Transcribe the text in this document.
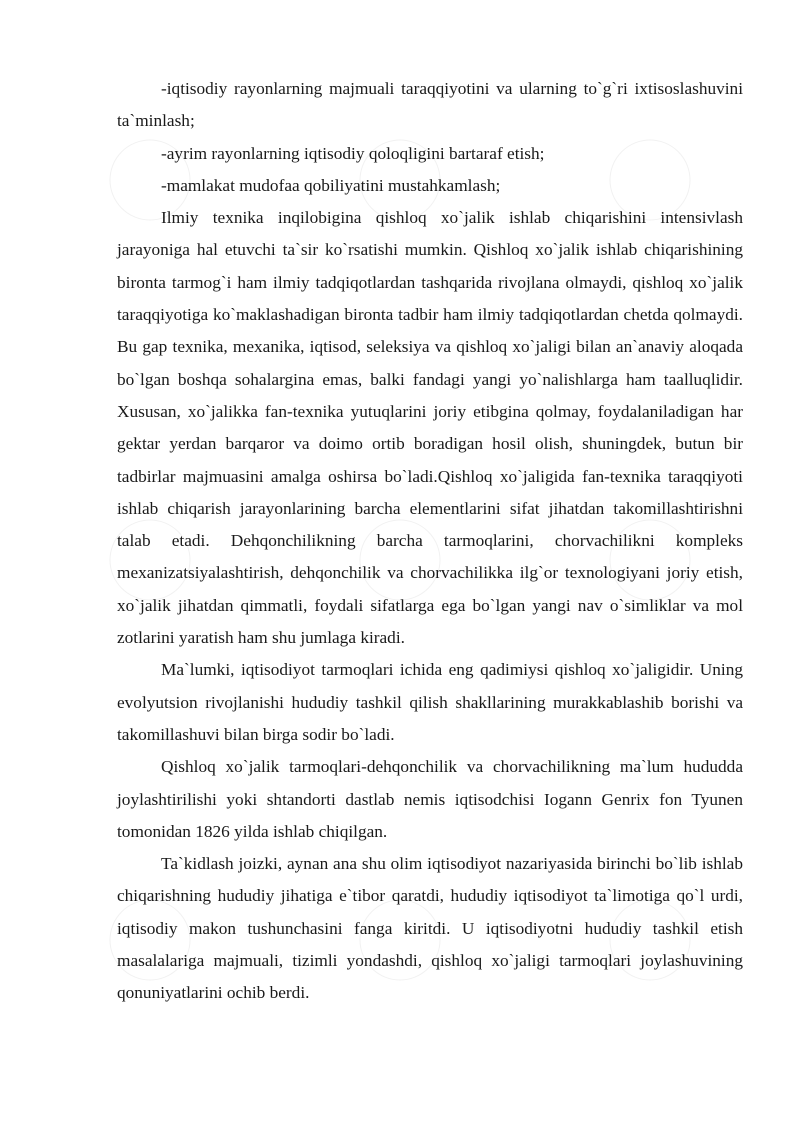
-iqtisodiy rayonlarning majmuali taraqqiyotini va ularning to`g`ri ixtisoslashuvini ta`minlash;

-ayrim rayonlarning iqtisodiy qoloqligini bartaraf etish;

-mamlakat mudofaa qobiliyatini mustahkamlash;

Ilmiy texnika inqilobigina qishloq xo`jalik ishlab chiqarishini intensivlash jarayoniga hal etuvchi ta`sir ko`rsatishi mumkin. Qishloq xo`jalik ishlab chiqarishining bironta tarmog`i ham ilmiy tadqiqotlardan tashqarida rivojlana olmaydi, qishloq xo`jalik taraqqiyotiga ko`maklashadigan bironta tadbir ham ilmiy tadqiqotlardan chetda qolmaydi. Bu gap texnika, mexanika, iqtisod, seleksiya va qishloq xo`jaligi bilan an`anaviy aloqada bo`lgan boshqa sohalargina emas, balki fandagi yangi yo`nalishlarga ham taalluqlidir. Xususan, xo`jalikka fan-texnika yutuqlarini joriy etibgina qolmay, foydalaniladigan har gektar yerdan barqaror va doimo ortib boradigan hosil olish, shuningdek, butun bir tadbirlar majmuasini amalga oshirsa bo`ladi.Qishloq xo`jaligida fan-texnika taraqqiyoti ishlab chiqarish jarayonlarining barcha elementlarini sifat jihatdan takomillashtirishni talab etadi. Dehqonchilikning barcha tarmoqlarini, chorvachilikni kompleks mexanizatsiyalashtirish, dehqonchilik va chorvachilikka ilg`or texnologiyani joriy etish, xo`jalik jihatdan qimmatli, foydali sifatlarga ega bo`lgan yangi nav o`simliklar va mol zotlarini yaratish ham shu jumlaga kiradi.

Ma`lumki, iqtisodiyot tarmoqlari ichida eng qadimiysi qishloq xo`jaligidir. Uning evolyutsion rivojlanishi hududiy tashkil qilish shakllarining murakkablashib borishi va takomillashuvi bilan birga sodir bo`ladi.

Qishloq xo`jalik tarmoqlari-dehqonchilik va chorvachilikning ma`lum hududda joylashtirilishi yoki shtandorti dastlab nemis iqtisodchisi Iogann Genrix fon Tyunen tomonidan 1826 yilda ishlab chiqilgan.

Ta`kidlash joizki, aynan ana shu olim iqtisodiyot nazariyasida birinchi bo`lib ishlab chiqarishning hududiy jihatiga e`tibor qaratdi, hududiy iqtisodiyot ta`limotiga qo`l urdi, iqtisodiy makon tushunchasini fanga kiritdi. U iqtisodiyotni hududiy tashkil etish masalalariga majmuali, tizimli yondashdi, qishloq xo`jaligi tarmoqlari joylashuvining qonuniyatlarini ochib berdi.
